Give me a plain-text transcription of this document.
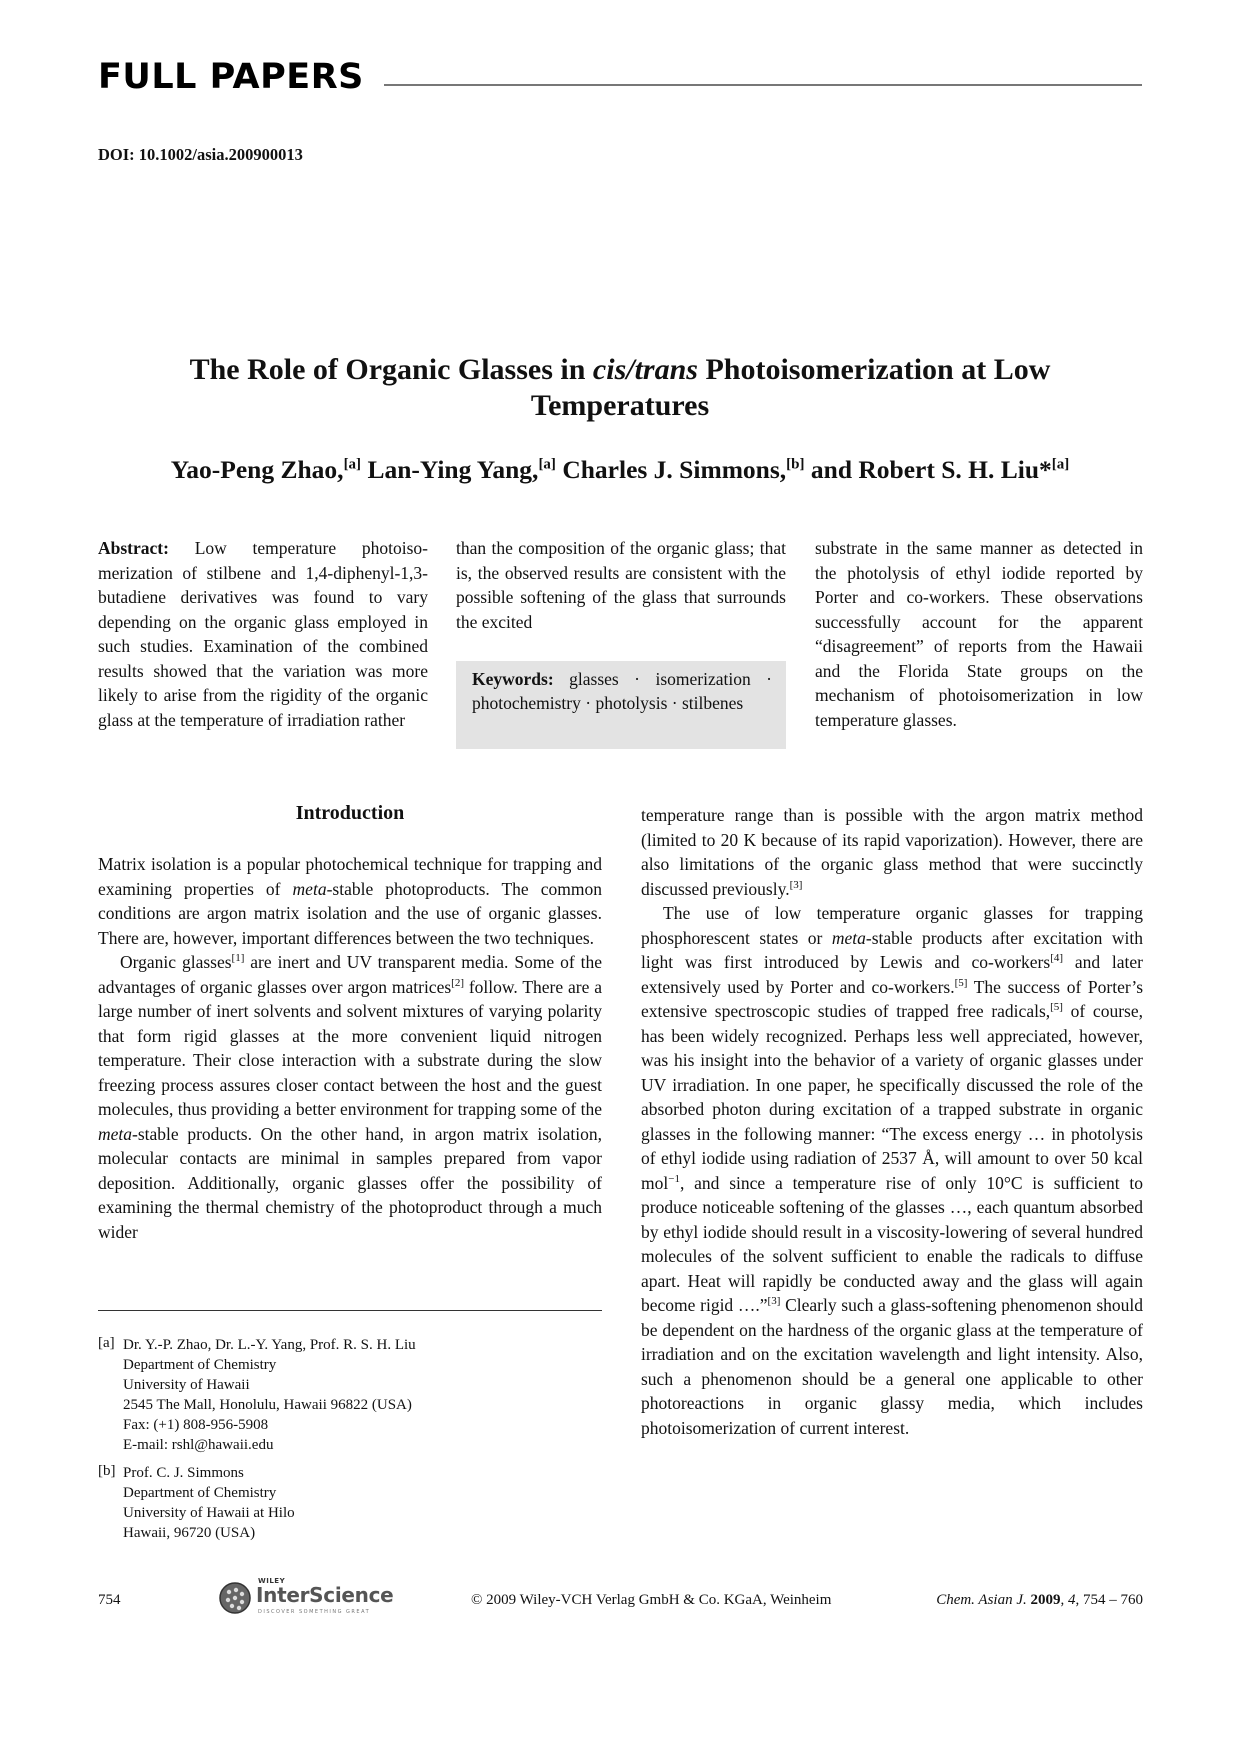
FULL PAPERS
DOI: 10.1002/asia.200900013
The Role of Organic Glasses in cis/trans Photoisomerization at Low Temperatures
Yao-Peng Zhao,[a] Lan-Ying Yang,[a] Charles J. Simmons,[b] and Robert S. H. Liu*[a]

Abstract: Low temperature photoisomerization of stilbene and 1,4-diphenyl-1,3-butadiene derivatives was found to vary depending on the organic glass employed in such studies. Examination of the combined results showed that the variation was more likely to arise from the rigidity of the organic glass at the temperature of irradiation rather

than the composition of the organic glass; that is, the observed results are consistent with the possible softening of the glass that surrounds the excited

substrate in the same manner as detected in the photolysis of ethyl iodide reported by Porter and co-workers. These observations successfully account for the apparent “disagreement” of reports from the Hawaii and the Florida State groups on the mechanism of photoisomerization in low temperature glasses.

Keywords: glasses · isomerization · photochemistry · photolysis · stilbenes
Introduction

Matrix isolation is a popular photochemical technique for trapping and examining properties of meta-stable photoproducts. The common conditions are argon matrix isolation and the use of organic glasses. There are, however, important differences between the two techniques.

Organic glasses[1] are inert and UV transparent media. Some of the advantages of organic glasses over argon matrices[2] follow. There are a large number of inert solvents and solvent mixtures of varying polarity that form rigid glasses at the more convenient liquid nitrogen temperature. Their close interaction with a substrate during the slow freezing process assures closer contact between the host and the guest molecules, thus providing a better environment for trapping some of the meta-stable products. On the other hand, in argon matrix isolation, molecular contacts are minimal in samples prepared from vapor deposition. Additionally, organic glasses offer the possibility of examining the thermal chemistry of the photoproduct through a much wider

temperature range than is possible with the argon matrix method (limited to 20 K because of its rapid vaporization). However, there are also limitations of the organic glass method that were succinctly discussed previously.[3]

The use of low temperature organic glasses for trapping phosphorescent states or meta-stable products after excitation with light was first introduced by Lewis and co-workers[4] and later extensively used by Porter and co-workers.[5] The success of Porter’s extensive spectroscopic studies of trapped free radicals,[5] of course, has been widely recognized. Perhaps less well appreciated, however, was his insight into the behavior of a variety of organic glasses under UV irradiation. In one paper, he specifically discussed the role of the absorbed photon during excitation of a trapped substrate in organic glasses in the following manner: “The excess energy … in photolysis of ethyl iodide using radiation of 2537 Å, will amount to over 50 kcal mol$^{-1}$, and since a temperature rise of only 10°C is sufficient to produce noticeable softening of the glasses …, each quantum absorbed by ethyl iodide should result in a viscosity-lowering of several hundred molecules of the solvent sufficient to enable the radicals to diffuse apart. Heat will rapidly be conducted away and the glass will again become rigid ….”[3] Clearly such a glass-softening phenomenon should be dependent on the hardness of the organic glass at the temperature of irradiation and on the excitation wavelength and light intensity. Also, such a phenomenon should be a general one applicable to other photoreactions in organic glassy media, which includes photoisomerization of current interest.

[a] Dr. Y.-P. Zhao, Dr. L.-Y. Yang, Prof. R. S. H. Liu
Department of Chemistry
University of Hawaii
2545 The Mall, Honolulu, Hawaii 96822 (USA)
Fax: (+1) 808-956-5908
E-mail: rshl@hawaii.edu
[b] Prof. C. J. Simmons
Department of Chemistry
University of Hawaii at Hilo
Hawaii, 96720 (USA)
754
WILEY
InterScience
DISCOVER SOMETHING GREAT
© 2009 Wiley-VCH Verlag GmbH & Co. KGaA, Weinheim	Chem. Asian J. 2009, 4, 754 – 760
